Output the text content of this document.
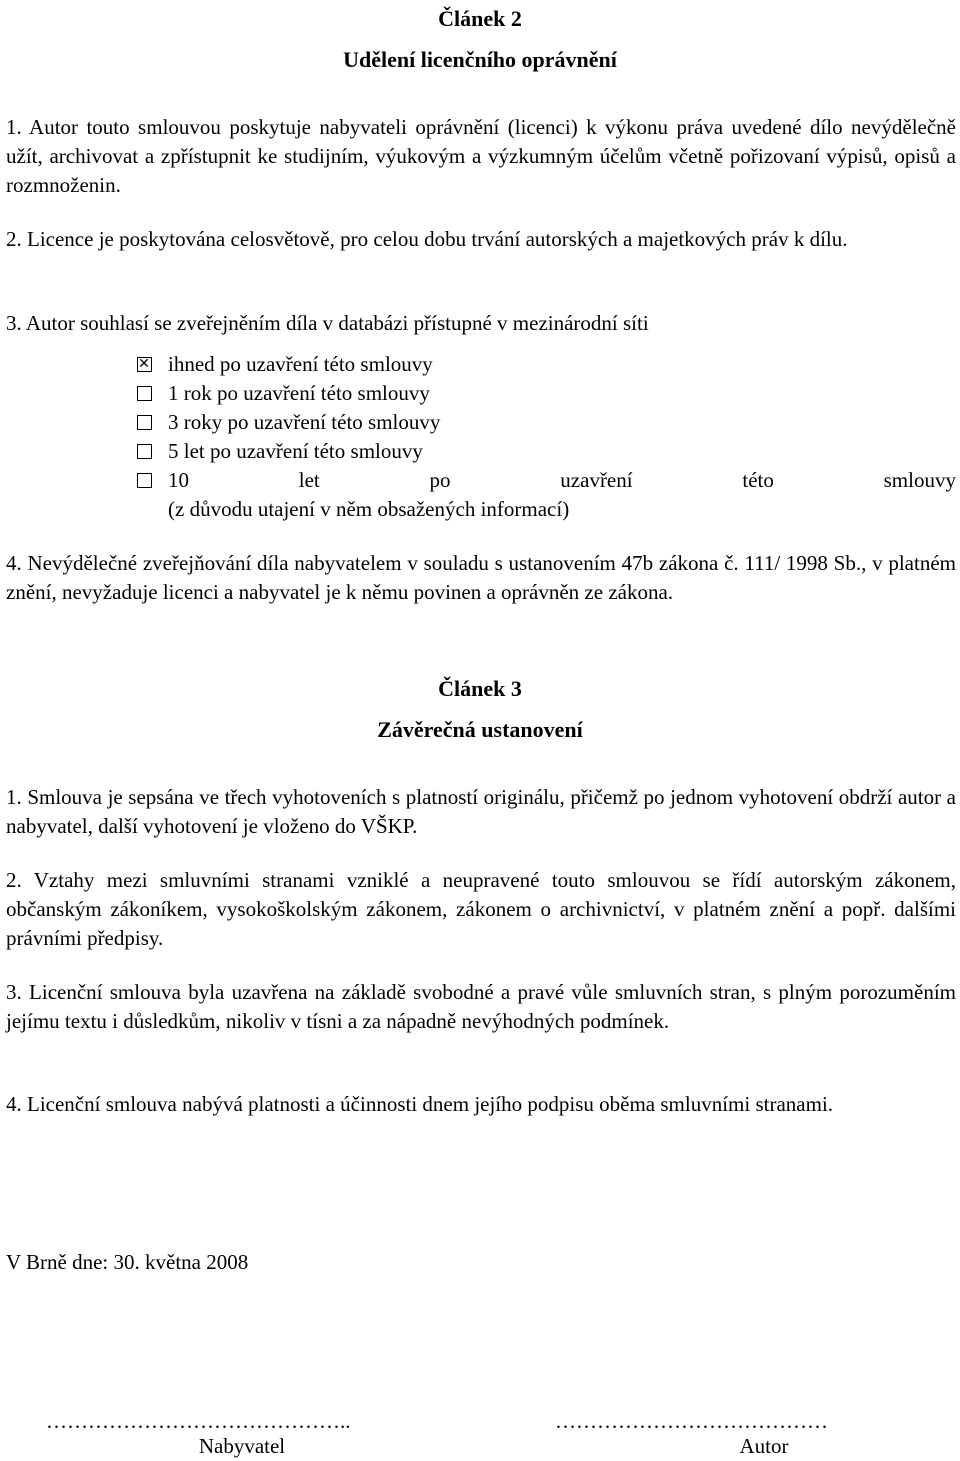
Článek 2
Udělení licenčního oprávnění
1. Autor touto smlouvou poskytuje nabyvateli oprávnění (licenci) k výkonu práva uvedené dílo nevýdělečně užít, archivovat a zpřístupnit ke studijním, výukovým a výzkumným účelům včetně pořizovaní výpisů, opisů a rozmnoženin.
2. Licence je poskytována celosvětově, pro celou dobu trvání autorských a majetkových práv k dílu.
3. Autor souhlasí se zveřejněním díla v databázi přístupné v mezinárodní síti
✕ ihned po uzavření této smlouvy
1 rok po uzavření této smlouvy
3 roky po uzavření této smlouvy
5 let po uzavření této smlouvy
10	let	po	uzavření	této	smlouvy
(z důvodu utajení v něm obsažených informací)
4. Nevýdělečné zveřejňování díla nabyvatelem v souladu s ustanovením 47b zákona č. 111/ 1998 Sb., v platném znění, nevyžaduje licenci a nabyvatel je k němu povinen a oprávněn ze zákona.
Článek 3
Závěrečná ustanovení
1. Smlouva je sepsána ve třech vyhotoveních s platností originálu, přičemž po jednom vyhotovení obdrží autor a nabyvatel, další vyhotovení je vloženo do VŠKP.
2. Vztahy mezi smluvními stranami vzniklé a neupravené touto smlouvou se řídí autorským zákonem, občanským zákoníkem, vysokoškolským zákonem, zákonem o archivnictví, v platném znění a popř. dalšími právními předpisy.
3. Licenční smlouva byla uzavřena na základě svobodné a pravé vůle smluvních stran, s plným porozuměním jejímu textu i důsledkům, nikoliv v tísni a za nápadně nevýhodných podmínek.
4. Licenční smlouva nabývá platnosti a účinnosti dnem jejího podpisu oběma smluvními stranami.
V Brně dne: 30. května 2008
……………………………………..
Nabyvatel
…………………………………
Autor
